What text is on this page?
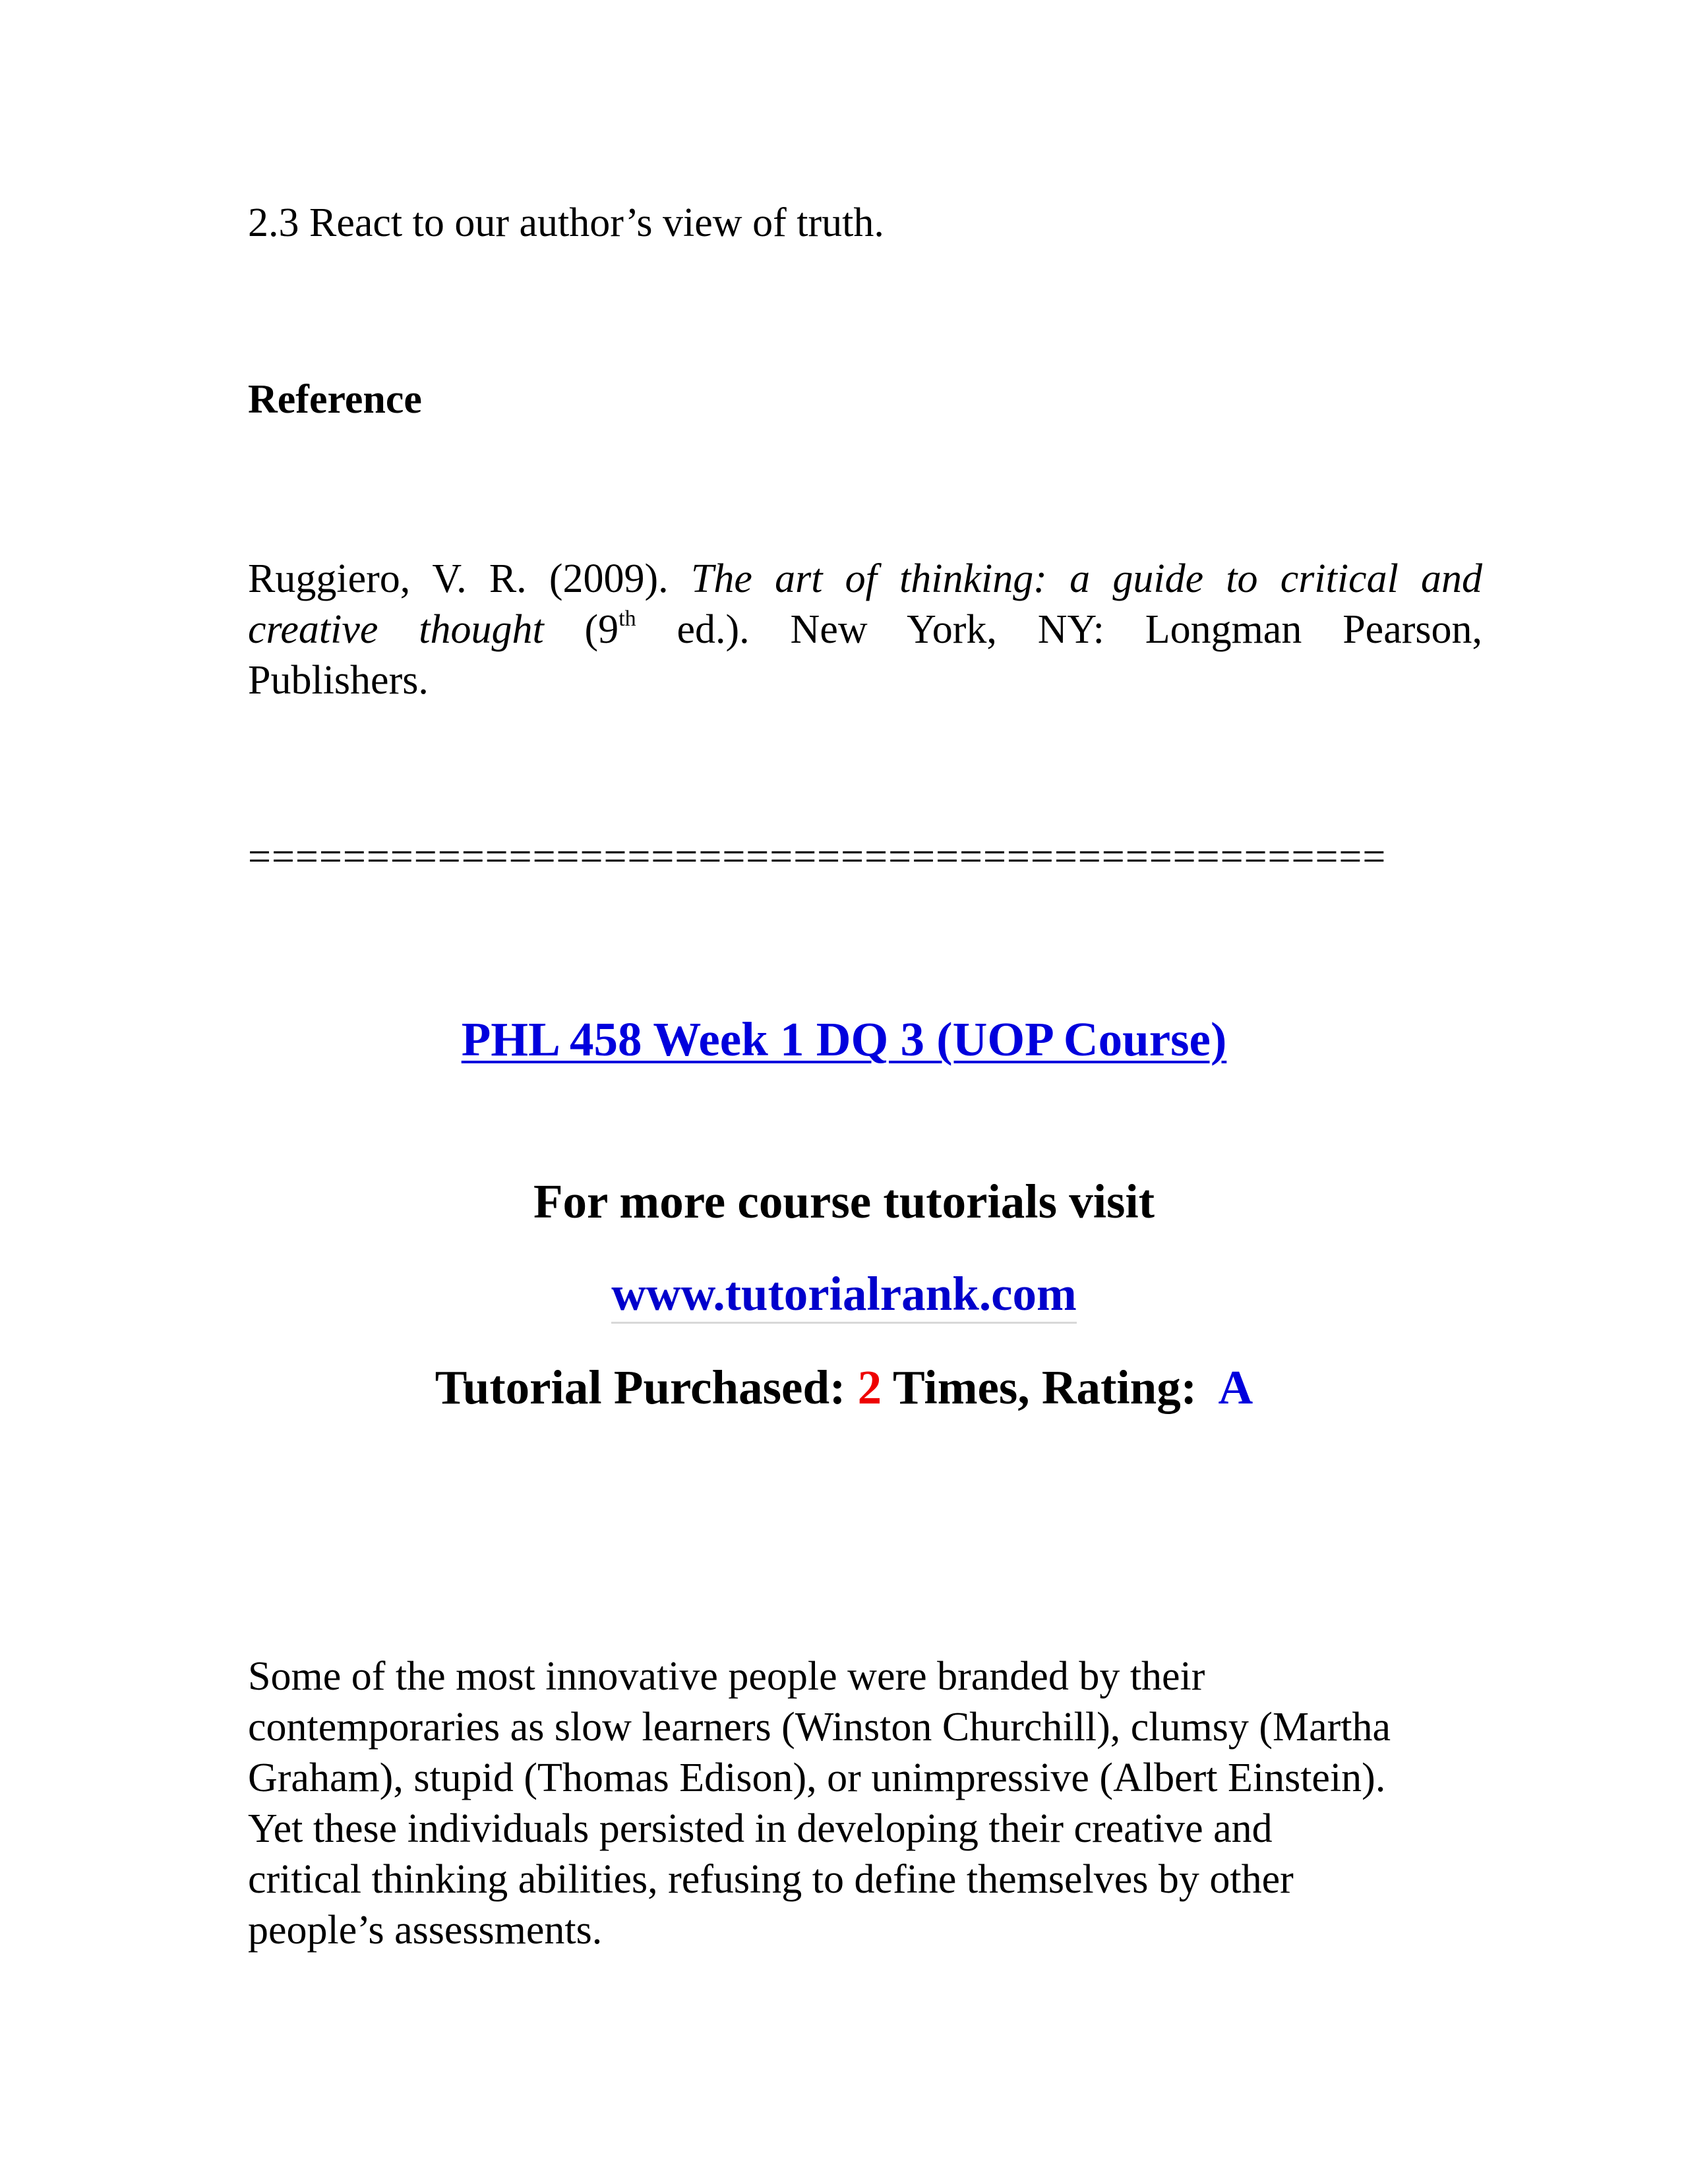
2.3 React to our author’s view of truth.
Reference
Ruggiero, V. R. (2009). The art of thinking: a guide to critical and
creative thought (9th ed.). New York, NY: Longman Pearson,
Publishers.
================================================
PHL 458 Week 1 DQ 3 (UOP Course)
For more course tutorials visit
www.tutorialrank.com
Tutorial Purchased: 2 Times, Rating:  A
Some of the most innovative people were branded by their
contemporaries as slow learners (Winston Churchill), clumsy (Martha
Graham), stupid (Thomas Edison), or unimpressive (Albert Einstein).
Yet these individuals persisted in developing their creative and
critical thinking abilities, refusing to define themselves by other
people’s assessments.
